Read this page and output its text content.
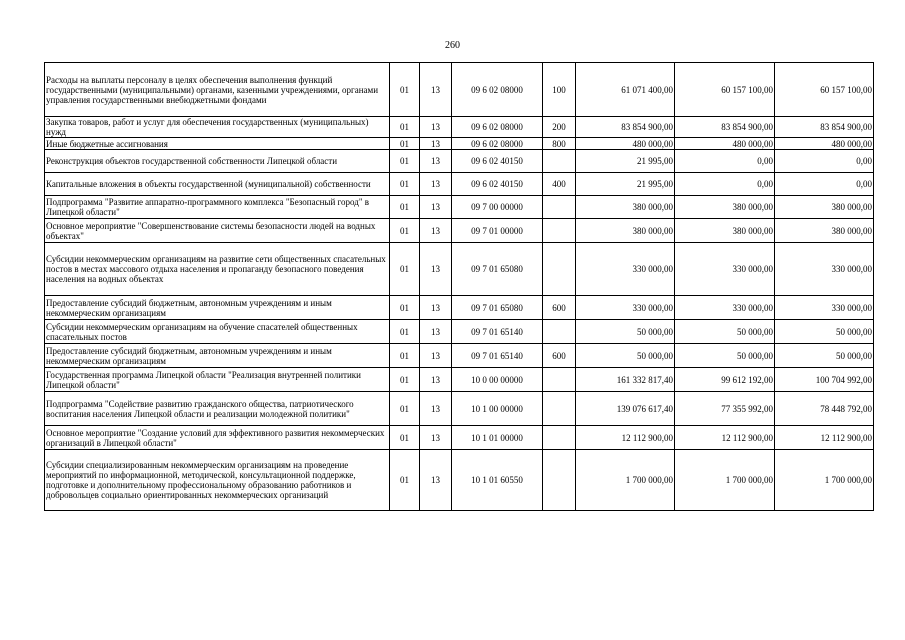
260
Расходы на выплаты персоналу в целях обеспечения выполнения функций государственными (муниципальными) органами, казенными учреждениями, органами управления государственными внебюджетными фондами	01	13	09 6 02 08000	100	61 071 400,00	60 157 100,00	60 157 100,00
Закупка товаров, работ и услуг для обеспечения государственных (муниципальных) нужд	01	13	09 6 02 08000	200	83 854 900,00	83 854 900,00	83 854 900,00
Иные бюджетные ассигнования	01	13	09 6 02 08000	800	480 000,00	480 000,00	480 000,00
Реконструкция объектов государственной собственности Липецкой области	01	13	09 6 02 40150		21 995,00	0,00	0,00
Капитальные вложения в объекты государственной (муниципальной) собственности	01	13	09 6 02 40150	400	21 995,00	0,00	0,00
Подпрограмма "Развитие аппаратно-программного комплекса "Безопасный город" в Липецкой области"	01	13	09 7 00 00000		380 000,00	380 000,00	380 000,00
Основное мероприятие "Совершенствование системы безопасности людей на водных объектах"	01	13	09 7 01 00000		380 000,00	380 000,00	380 000,00
Субсидии некоммерческим организациям на развитие сети общественных спасательных постов в местах массового отдыха населения и пропаганду безопасного поведения населения на водных объектах	01	13	09 7 01 65080		330 000,00	330 000,00	330 000,00
Предоставление субсидий бюджетным, автономным учреждениям и иным некоммерческим организациям	01	13	09 7 01 65080	600	330 000,00	330 000,00	330 000,00
Субсидии некоммерческим организациям на обучение спасателей общественных спасательных постов	01	13	09 7 01 65140		50 000,00	50 000,00	50 000,00
Предоставление субсидий бюджетным, автономным учреждениям и иным некоммерческим организациям	01	13	09 7 01 65140	600	50 000,00	50 000,00	50 000,00
Государственная программа Липецкой области "Реализация внутренней политики Липецкой области"	01	13	10 0 00 00000		161 332 817,40	99 612 192,00	100 704 992,00
Подпрограмма "Содействие развитию гражданского общества, патриотического воспитания населения Липецкой области и реализации молодежной политики"	01	13	10 1 00 00000		139 076 617,40	77 355 992,00	78 448 792,00
Основное мероприятие "Создание условий для эффективного развития некоммерческих организаций в Липецкой области"	01	13	10 1 01 00000		12 112 900,00	12 112 900,00	12 112 900,00
Субсидии специализированным некоммерческим организациям на проведение мероприятий по информационной, методической, консультационной поддержке, подготовке и дополнительному профессиональному образованию работников и добровольцев социально ориентированных некоммерческих организаций	01	13	10 1 01 60550		1 700 000,00	1 700 000,00	1 700 000,00
